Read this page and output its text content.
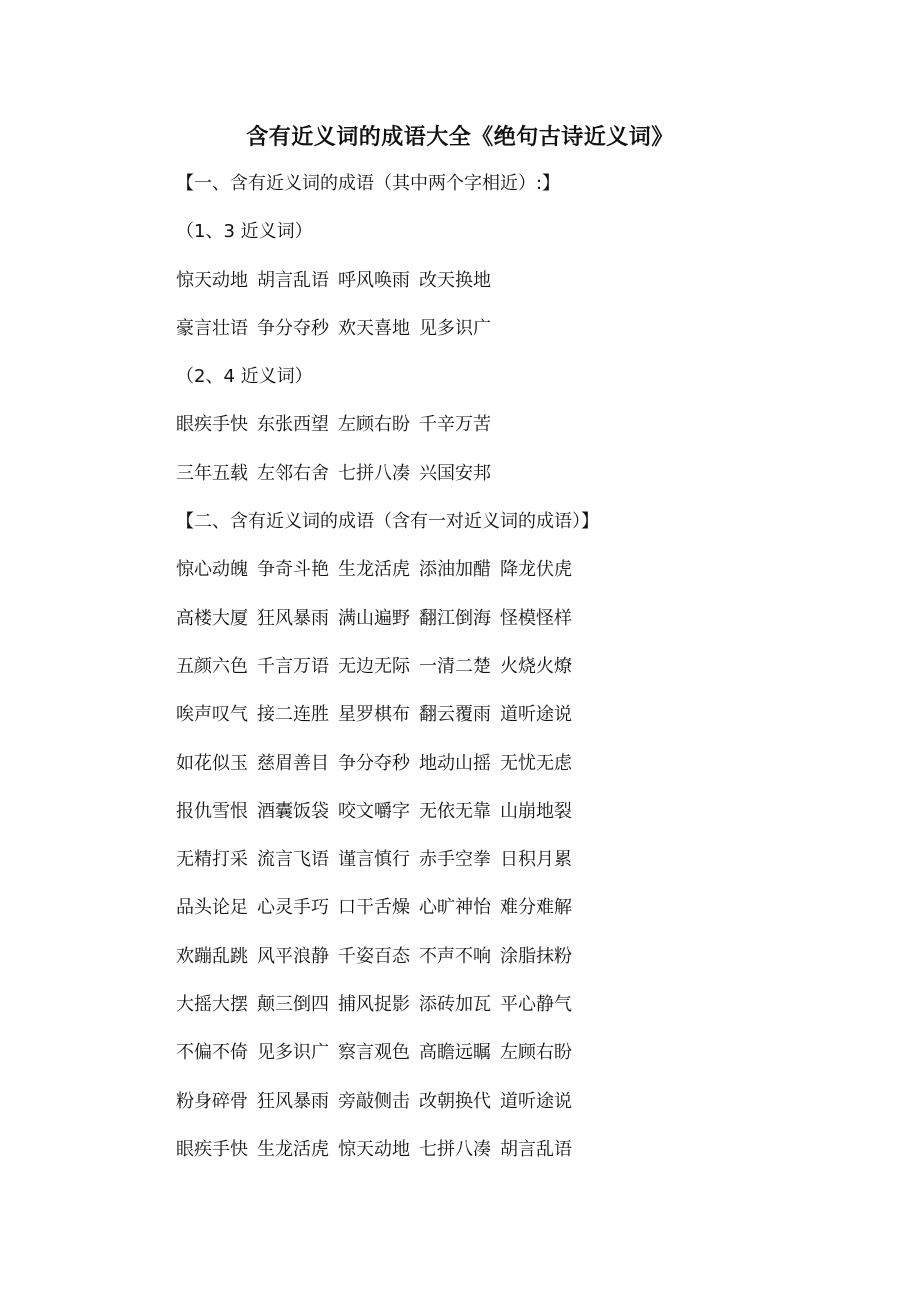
含有近义词的成语大全《绝句古诗近义词》
【一、含有近义词的成语（其中两个字相近）:】
（1、3 近义词）
惊天动地 胡言乱语 呼风唤雨 改天换地
豪言壮语 争分夺秒 欢天喜地 见多识广
（2、4 近义词）
眼疾手快 东张西望 左顾右盼 千辛万苦
三年五载 左邻右舍 七拼八凑 兴国安邦
【二、含有近义词的成语（含有一对近义词的成语）】
惊心动魄 争奇斗艳 生龙活虎 添油加醋 降龙伏虎
高楼大厦 狂风暴雨 满山遍野 翻江倒海 怪模怪样
五颜六色 千言万语 无边无际 一清二楚 火烧火燎
唉声叹气 接二连胜 星罗棋布 翻云覆雨 道听途说
如花似玉 慈眉善目 争分夺秒 地动山摇 无忧无虑
报仇雪恨 酒囊饭袋 咬文嚼字 无依无靠 山崩地裂
无精打采 流言飞语 谨言慎行 赤手空拳 日积月累
品头论足 心灵手巧 口干舌燥 心旷神怡 难分难解
欢蹦乱跳 风平浪静 千姿百态 不声不响 涂脂抹粉
大摇大摆 颠三倒四 捕风捉影 添砖加瓦 平心静气
不偏不倚 见多识广 察言观色 高瞻远瞩 左顾右盼
粉身碎骨 狂风暴雨 旁敲侧击 改朝换代 道听途说
眼疾手快 生龙活虎 惊天动地 七拼八凑 胡言乱语
